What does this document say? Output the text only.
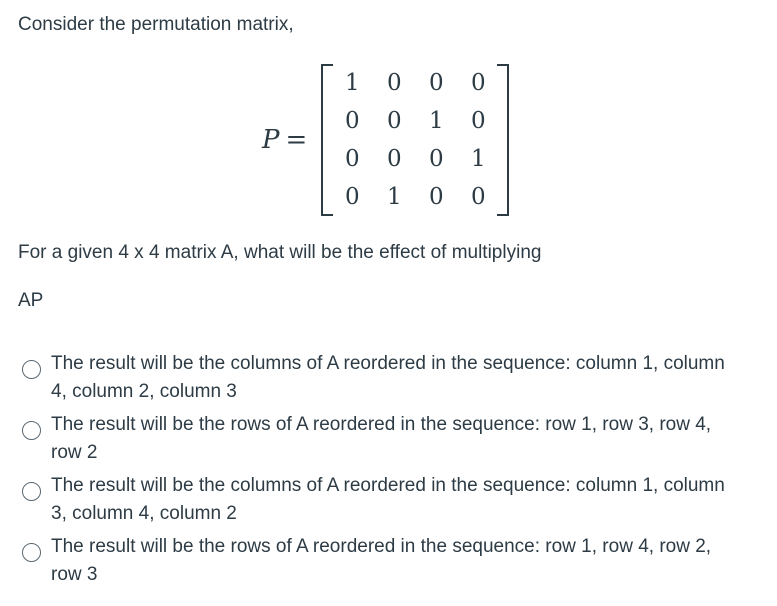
Consider the permutation matrix,
P =
1	0	0	0
0	0	1	0
0	0	0	1
0	1	0	0
For a given 4 x 4 matrix A, what will be the effect of multiplying
AP
The result will be the columns of A reordered in the sequence: column 1, column 4, column 2, column 3
The result will be the rows of A reordered in the sequence: row 1, row 3, row 4, row 2
The result will be the columns of A reordered in the sequence: column 1, column 3, column 4, column 2
The result will be the rows of A reordered in the sequence: row 1, row 4, row 2, row 3
